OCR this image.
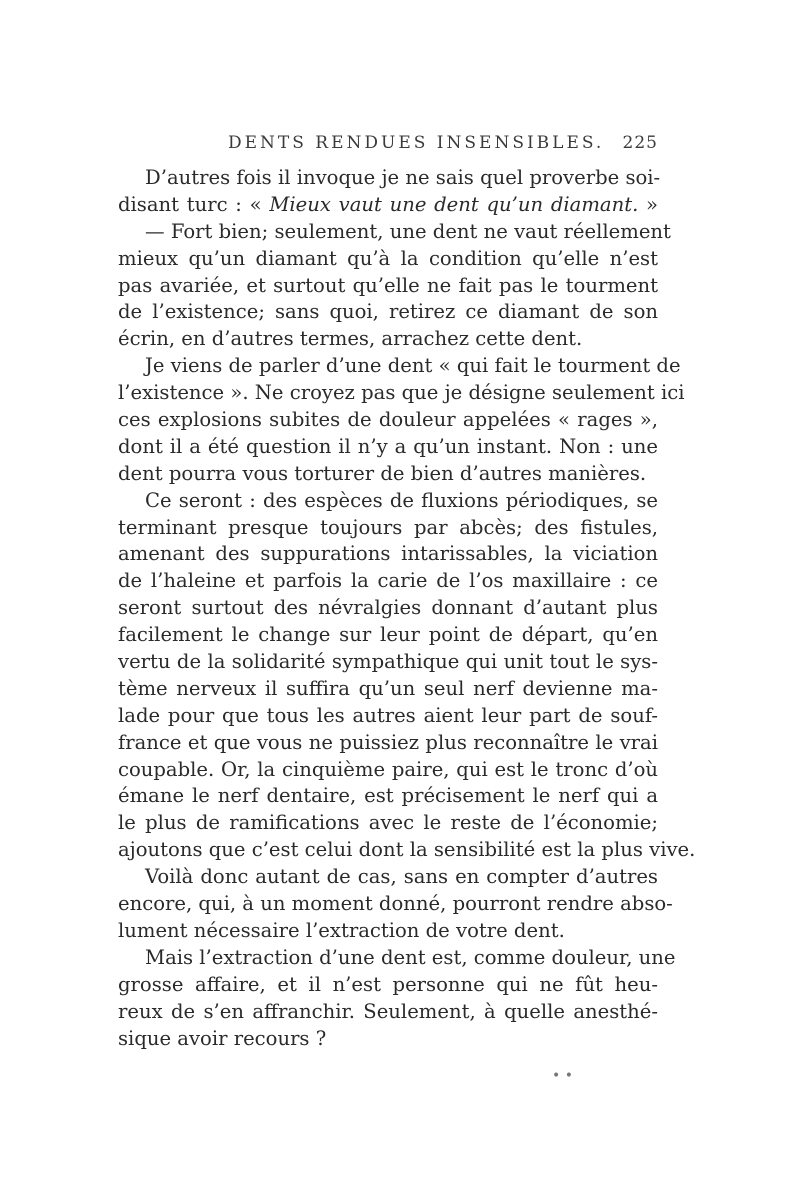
DENTS RENDUES INSENSIBLES. 225
D’autres fois il invoque je ne sais quel proverbe soi-
disant turc : « Mieux vaut une dent qu’un diamant. »
— Fort bien; seulement, une dent ne vaut réellement
mieux qu’un diamant qu’à la condition qu’elle n’est
pas avariée, et surtout qu’elle ne fait pas le tourment
de l’existence; sans quoi, retirez ce diamant de son
écrin, en d’autres termes, arrachez cette dent.
Je viens de parler d’une dent « qui fait le tourment de
l’existence ». Ne croyez pas que je désigne seulement ici
ces explosions subites de douleur appelées « rages »,
dont il a été question il n’y a qu’un instant. Non : une
dent pourra vous torturer de bien d’autres manières.
Ce seront : des espèces de fluxions périodiques, se
terminant presque toujours par abcès; des fistules,
amenant des suppurations intarissables, la viciation
de l’haleine et parfois la carie de l’os maxillaire : ce
seront surtout des névralgies donnant d’autant plus
facilement le change sur leur point de départ, qu’en
vertu de la solidarité sympathique qui unit tout le sys-
tème nerveux il suffira qu’un seul nerf devienne ma-
lade pour que tous les autres aient leur part de souf-
france et que vous ne puissiez plus reconnaître le vrai
coupable. Or, la cinquième paire, qui est le tronc d’où
émane le nerf dentaire, est précisement le nerf qui a
le plus de ramifications avec le reste de l’économie;
ajoutons que c’est celui dont la sensibilité est la plus vive.
Voilà donc autant de cas, sans en compter d’autres
encore, qui, à un moment donné, pourront rendre abso-
lument nécessaire l’extraction de votre dent.
Mais l’extraction d’une dent est, comme douleur, une
grosse affaire, et il n’est personne qui ne fût heu-
reux de s’en affranchir. Seulement, à quelle anesthé-
sique avoir recours ?
• •
